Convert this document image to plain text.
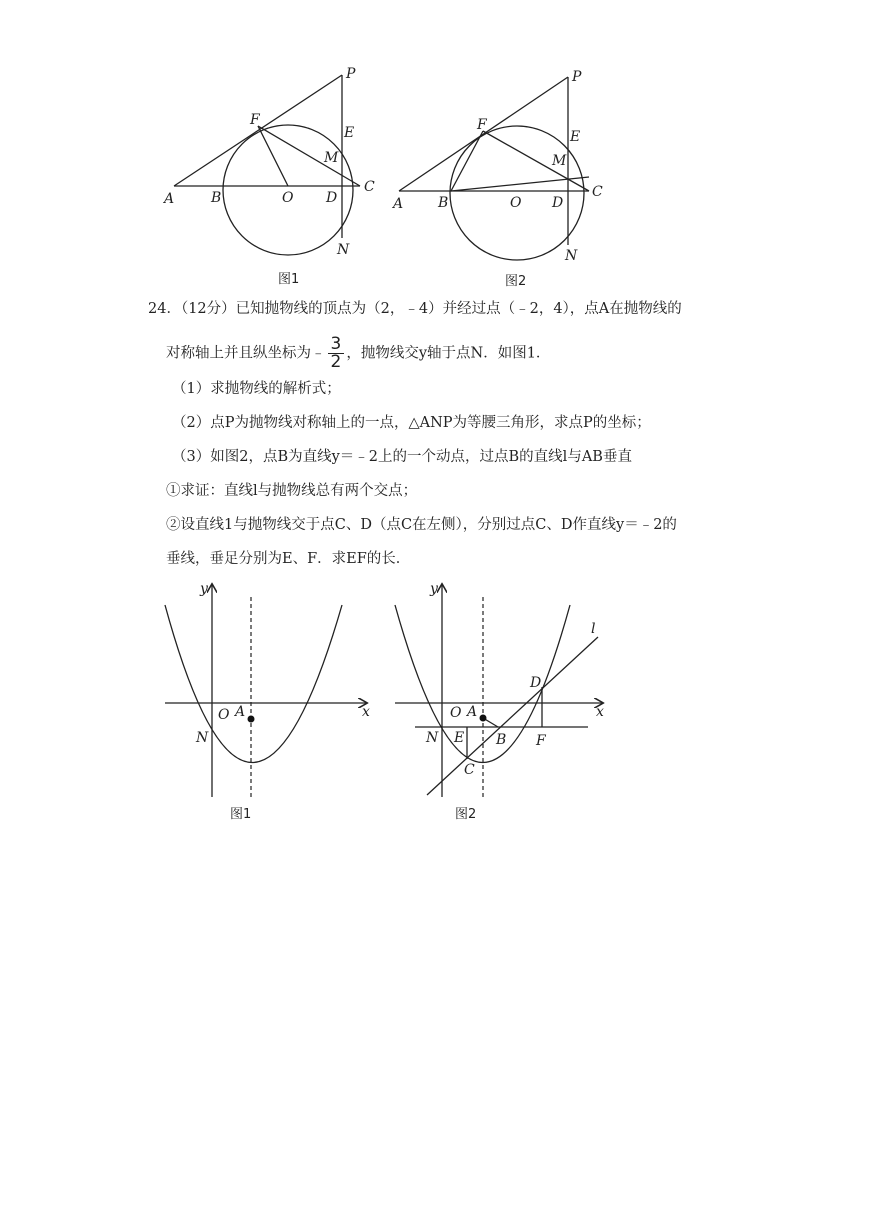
P
F
E
M
A	B	O D
C
N
图1
P
F
E
M
A B	O D
C
N
图2
24．（12分）已知抛物线的顶点为（2，﹣4）并经过点（﹣2，4），点A在抛物线的
对称轴上并且纵坐标为﹣ $\frac{3}{2}$ ，抛物线交y轴于点N．如图1．
（1）求抛物线的解析式；
（2）点P为抛物线对称轴上的一点，△ANP为等腰三角形，求点P的坐标；
（3）如图2，点B为直线y＝﹣2上的一个动点，过点B的直线l与AB垂直
①求证：直线l与抛物线总有两个交点；
②设直线1与抛物线交于点C、D（点C在左侧），分别过点C、D作直线y＝﹣2的
垂线，垂足分别为E、F．求EF的长．
y
x
O A
N
图1
y
x
l
O A
N E B
C
D
F
图2
